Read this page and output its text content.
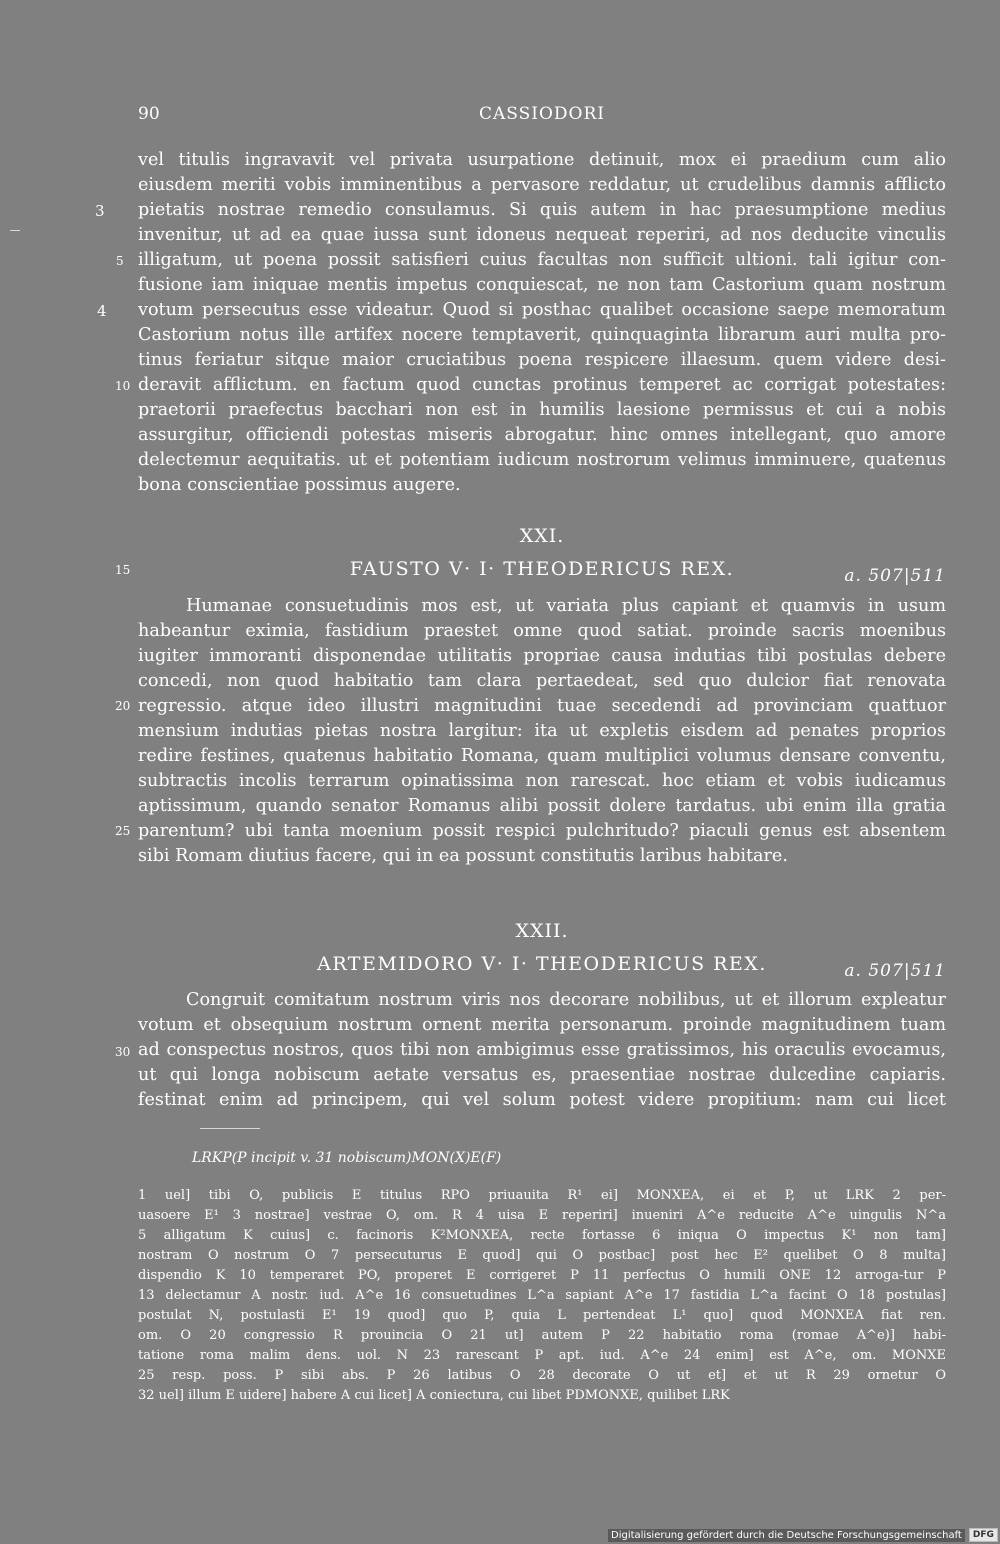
90	CASSIODORI
3
5
4
10
15
20
25
30
vel titulis ingravavit vel privata usurpatione detinuit, mox ei praedium cum alio
eiusdem meriti vobis imminentibus a pervasore reddatur, ut crudelibus damnis afflicto
pietatis nostrae remedio consulamus. Si quis autem in hac praesumptione medius
invenitur, ut ad ea quae iussa sunt idoneus nequeat reperiri, ad nos deducite vinculis
illigatum, ut poena possit satisfieri cuius facultas non sufficit ultioni. tali igitur con-
fusione iam iniquae mentis impetus conquiescat, ne non tam Castorium quam nostrum
votum persecutus esse videatur. Quod si posthac qualibet occasione saepe memoratum
Castorium notus ille artifex nocere temptaverit, quinquaginta librarum auri multa pro-
tinus feriatur sitque maior cruciatibus poena respicere illaesum. quem videre desi-
deravit afflictum. en factum quod cunctas protinus temperet ac corrigat potestates:
praetorii praefectus bacchari non est in humilis laesione permissus et cui a nobis
assurgitur, officiendi potestas miseris abrogatur. hinc omnes intellegant, quo amore
delectemur aequitatis. ut et potentiam iudicum nostrorum velimus imminuere, quatenus
bona conscientiae possimus augere.
XXI.
FAUSTO V· I· THEODERICUS REX.	a. 507|511
Humanae consuetudinis mos est, ut variata plus capiant et quamvis in usum
habeantur eximia, fastidium praestet omne quod satiat. proinde sacris moenibus
iugiter immoranti disponendae utilitatis propriae causa indutias tibi postulas debere
concedi, non quod habitatio tam clara pertaedeat, sed quo dulcior fiat renovata
regressio. atque ideo illustri magnitudini tuae secedendi ad provinciam quattuor
mensium indutias pietas nostra largitur: ita ut expletis eisdem ad penates proprios
redire festines, quatenus habitatio Romana, quam multiplici volumus densare conventu,
subtractis incolis terrarum opinatissima non rarescat. hoc etiam et vobis iudicamus
aptissimum, quando senator Romanus alibi possit dolere tardatus. ubi enim illa gratia
parentum? ubi tanta moenium possit respici pulchritudo? piaculi genus est absentem
sibi Romam diutius facere, qui in ea possunt constitutis laribus habitare.
XXII.
ARTEMIDORO V· I· THEODERICUS REX.	a. 507|511
Congruit comitatum nostrum viris nos decorare nobilibus, ut et illorum expleatur
votum et obsequium nostrum ornent merita personarum. proinde magnitudinem tuam
ad conspectus nostros, quos tibi non ambigimus esse gratissimos, his oraculis evocamus,
ut qui longa nobiscum aetate versatus es, praesentiae nostrae dulcedine capiaris.
festinat enim ad principem, qui vel solum potest videre propitium: nam cui licet
LRKP(P incipit v. 31 nobiscum)MON(X)E(F)
1 uel] tibi O, publicis E titulus RPO priuauita R¹ ei] MONXEA, ei et P, ut LRK 2 per-
uasoere E¹ 3 nostrae] vestrae O, om. R 4 uisa E reperiri] inueniri A^e reducite A^e uingulis N^a
5 alligatum K cuius] c. facinoris K²MONXEA, recte fortasse 6 iniqua O impectus K¹ non tam]
nostram O nostrum O 7 persecuturus E quod] qui O postbac] post hec E² quelibet O 8 multa]
dispendio K 10 temperaret PO, properet E corrigeret P 11 perfectus O humili ONE 12 arroga-tur P
13 delectamur A nostr. iud. A^e 16 consuetudines L^a sapiant A^e 17 fastidia L^a facint O 18 postulas]
postulat N, postulasti E¹ 19 quod] quo P, quia L pertendeat L¹ quo] quod MONXEA fiat ren.
om. O 20 congressio R prouincia O 21 ut] autem P 22 habitatio roma (romae A^e)] habi-
tatione roma malim dens. uol. N 23 rarescant P apt. iud. A^e 24 enim] est A^e, om. MONXE
25 resp. poss. P sibi abs. P 26 latibus O 28 decorate O ut et] et ut R 29 ornetur O
32 uel] illum E uidere] habere A cui licet] A coniectura, cui libet PDMONXE, quilibet LRK
Digitalisierung gefördert durch die Deutsche Forschungsgemeinschaft	DFG
